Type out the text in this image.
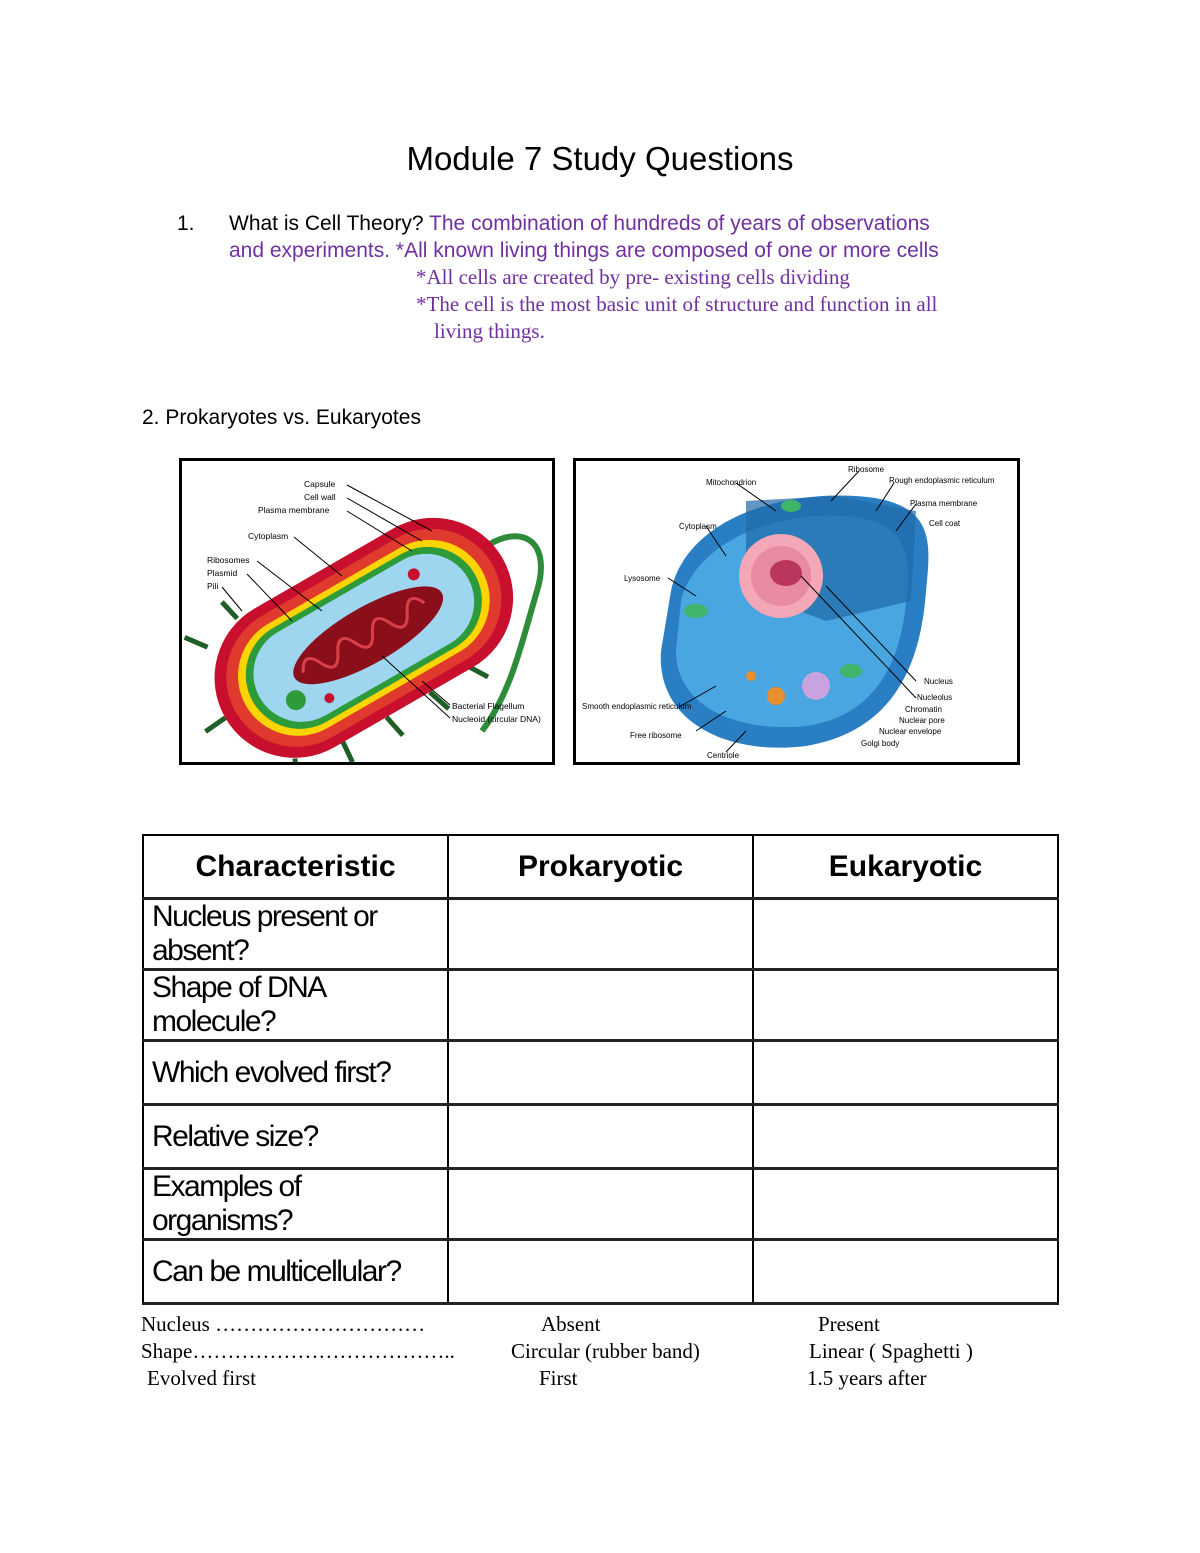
Module 7 Study Questions
1. What is Cell Theory? The combination of hundreds of years of observations
and experiments. *All known living things are composed of one or more cells
*All cells are created by pre- existing cells dividing
*The cell is the most basic unit of structure and function in all
living things.
2. Prokaryotes vs. Eukaryotes
Capsule
Cell wall
Plasma membrane
Cytoplasm
Ribosomes
Plasmid
Pili
Bacterial Flagellum
Nucleoid (circular DNA)
Ribosome
Rough endoplasmic reticulum
Mitochondrion
Plasma membrane
Cell coat
Cytoplasm
Lysosome
Nucleus
Nucleolus
Chromatin
Nuclear pore
Nuclear envelope
Golgi body
Smooth endoplasmic reticulum
Free ribosome
Centriole
Characteristic	Prokaryotic	Eukaryotic
Nucleus present or absent?		
Shape of DNA molecule?		
Which evolved first?		
Relative size?		
Examples of organisms?		
Can be multicellular?		
Nucleus …………………………	Absent	Present
Shape………………………………..	Circular (rubber band)	Linear ( Spaghetti )
Evolved first	First	1.5 years after
